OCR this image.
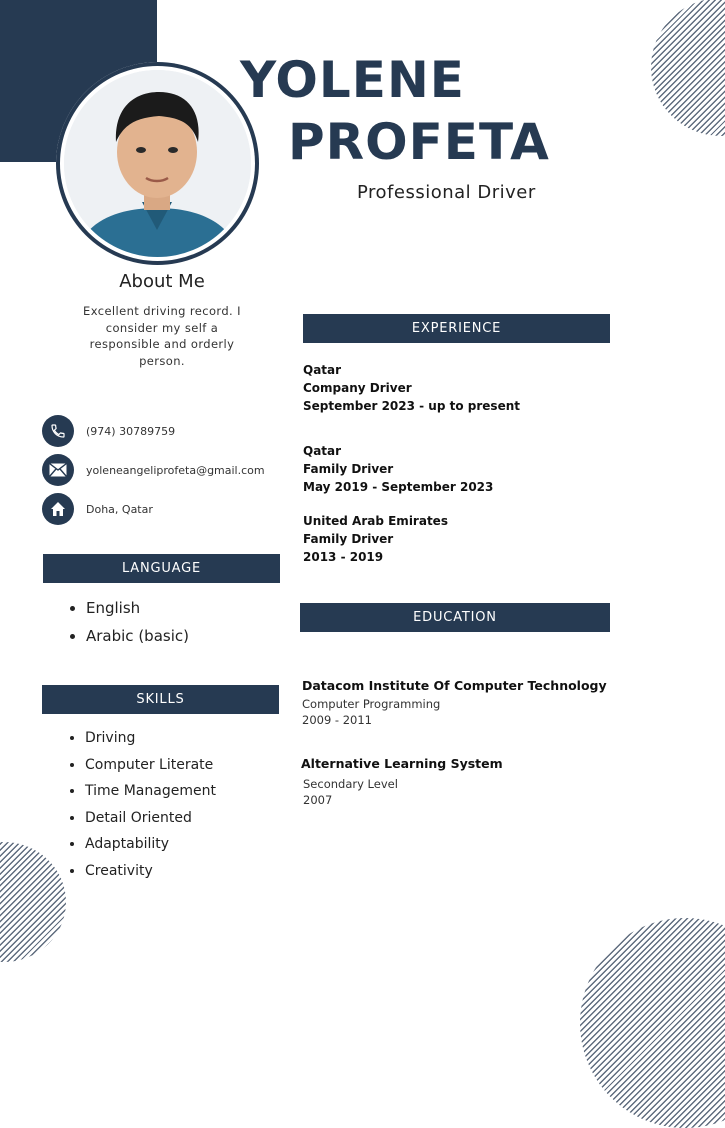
YOLENE
PROFETA
Professional Driver
About Me
Excellent driving record. I consider my self a responsible and orderly person.
(974) 30789759
yoleneangeliprofeta@gmail.com
Doha, Qatar
LANGUAGE
• English
• Arabic (basic)
SKILLS
• Driving
• Computer Literate
• Time Management
• Detail Oriented
• Adaptability
• Creativity
EXPERIENCE
Qatar
Company Driver
September 2023 - up to present
Qatar
Family Driver
May 2019 - September 2023
United Arab Emirates
Family Driver
2013 - 2019
EDUCATION
Datacom Institute Of Computer Technology
Computer Programming
2009 - 2011
Alternative Learning System
Secondary Level
2007
